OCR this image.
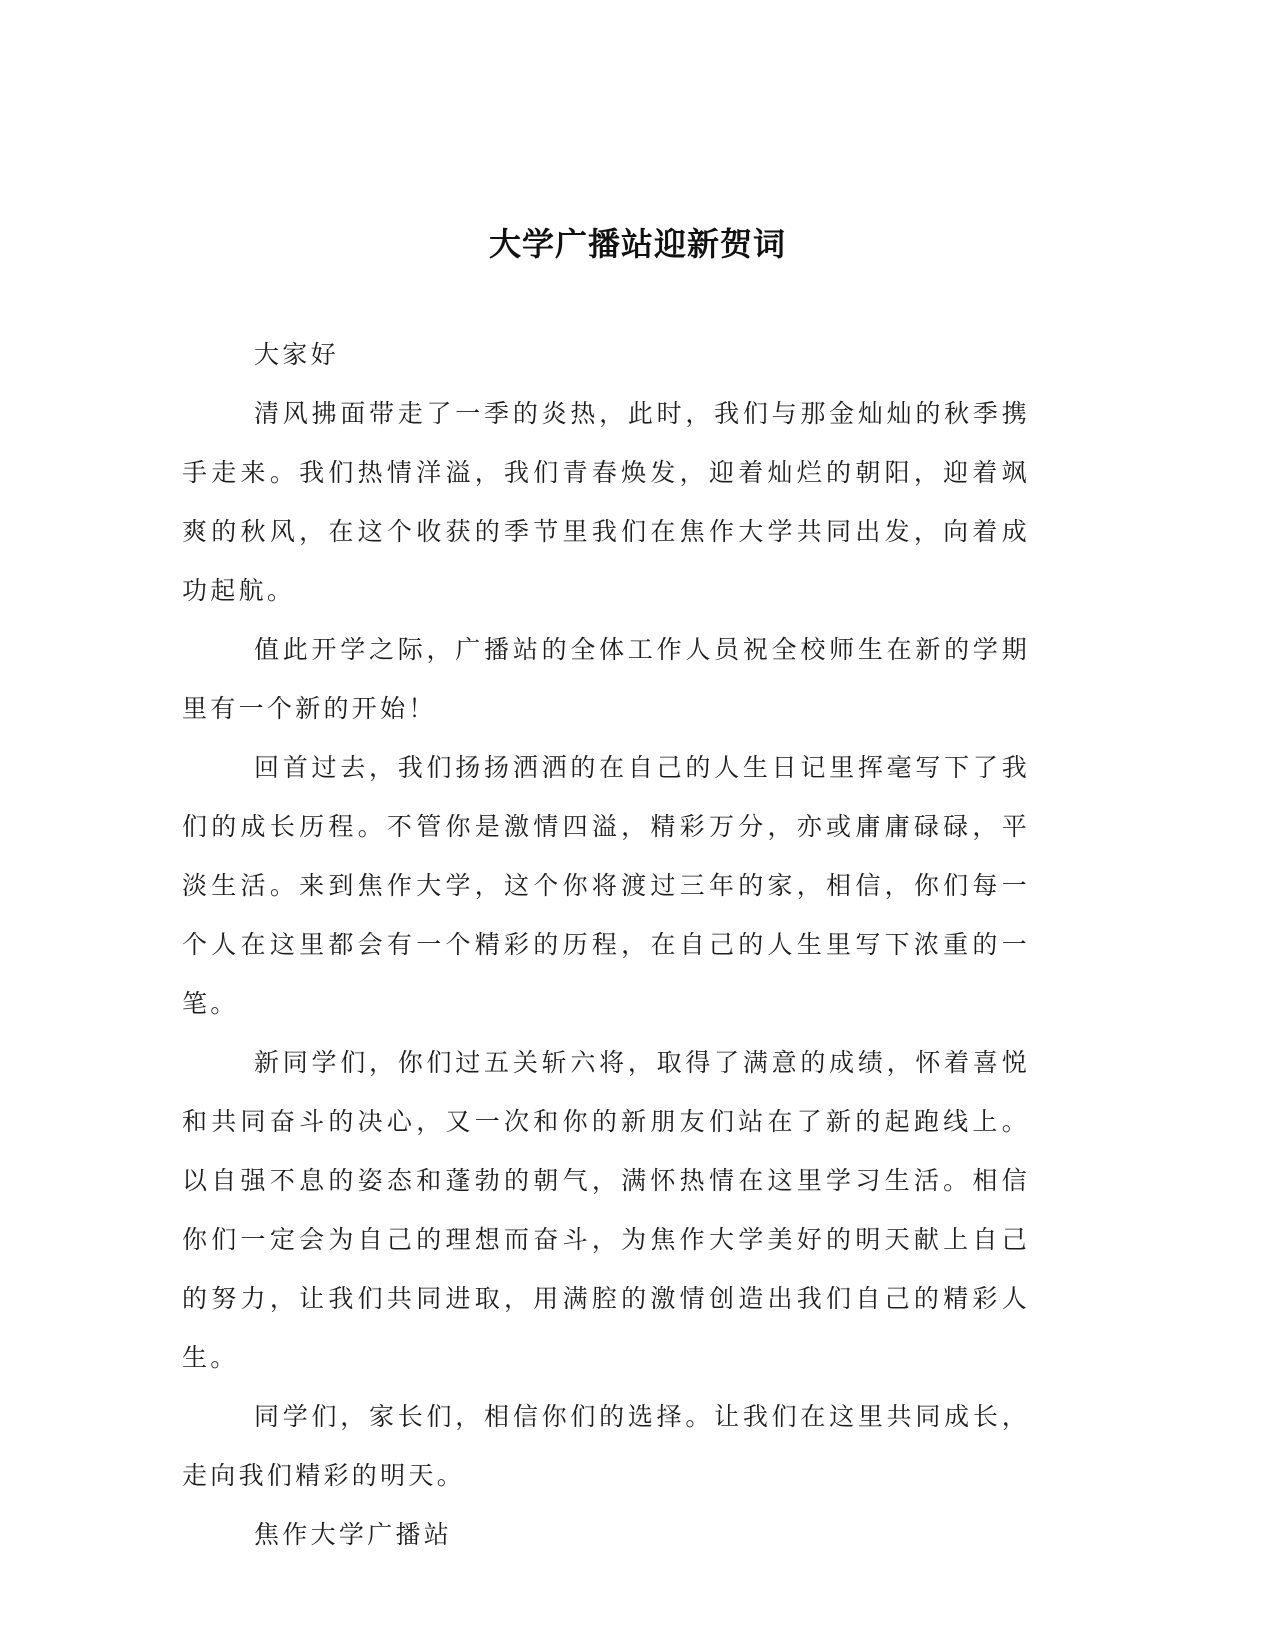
大学广播站迎新贺词

大家好

清风拂面带走了一季的炎热，此时，我们与那金灿灿的秋季携手走来。我们热情洋溢，我们青春焕发，迎着灿烂的朝阳，迎着飒爽的秋风，在这个收获的季节里我们在焦作大学共同出发，向着成功起航。

值此开学之际，广播站的全体工作人员祝全校师生在新的学期里有一个新的开始！

回首过去，我们扬扬洒洒的在自己的人生日记里挥毫写下了我们的成长历程。不管你是激情四溢，精彩万分，亦或庸庸碌碌，平淡生活。来到焦作大学，这个你将渡过三年的家，相信，你们每一个人在这里都会有一个精彩的历程，在自己的人生里写下浓重的一笔。

新同学们，你们过五关斩六将，取得了满意的成绩，怀着喜悦和共同奋斗的决心，又一次和你的新朋友们站在了新的起跑线上。以自强不息的姿态和蓬勃的朝气，满怀热情在这里学习生活。相信你们一定会为自己的理想而奋斗，为焦作大学美好的明天献上自己的努力，让我们共同进取，用满腔的激情创造出我们自己的精彩人生。

同学们，家长们，相信你们的选择。让我们在这里共同成长，走向我们精彩的明天。

焦作大学广播站
